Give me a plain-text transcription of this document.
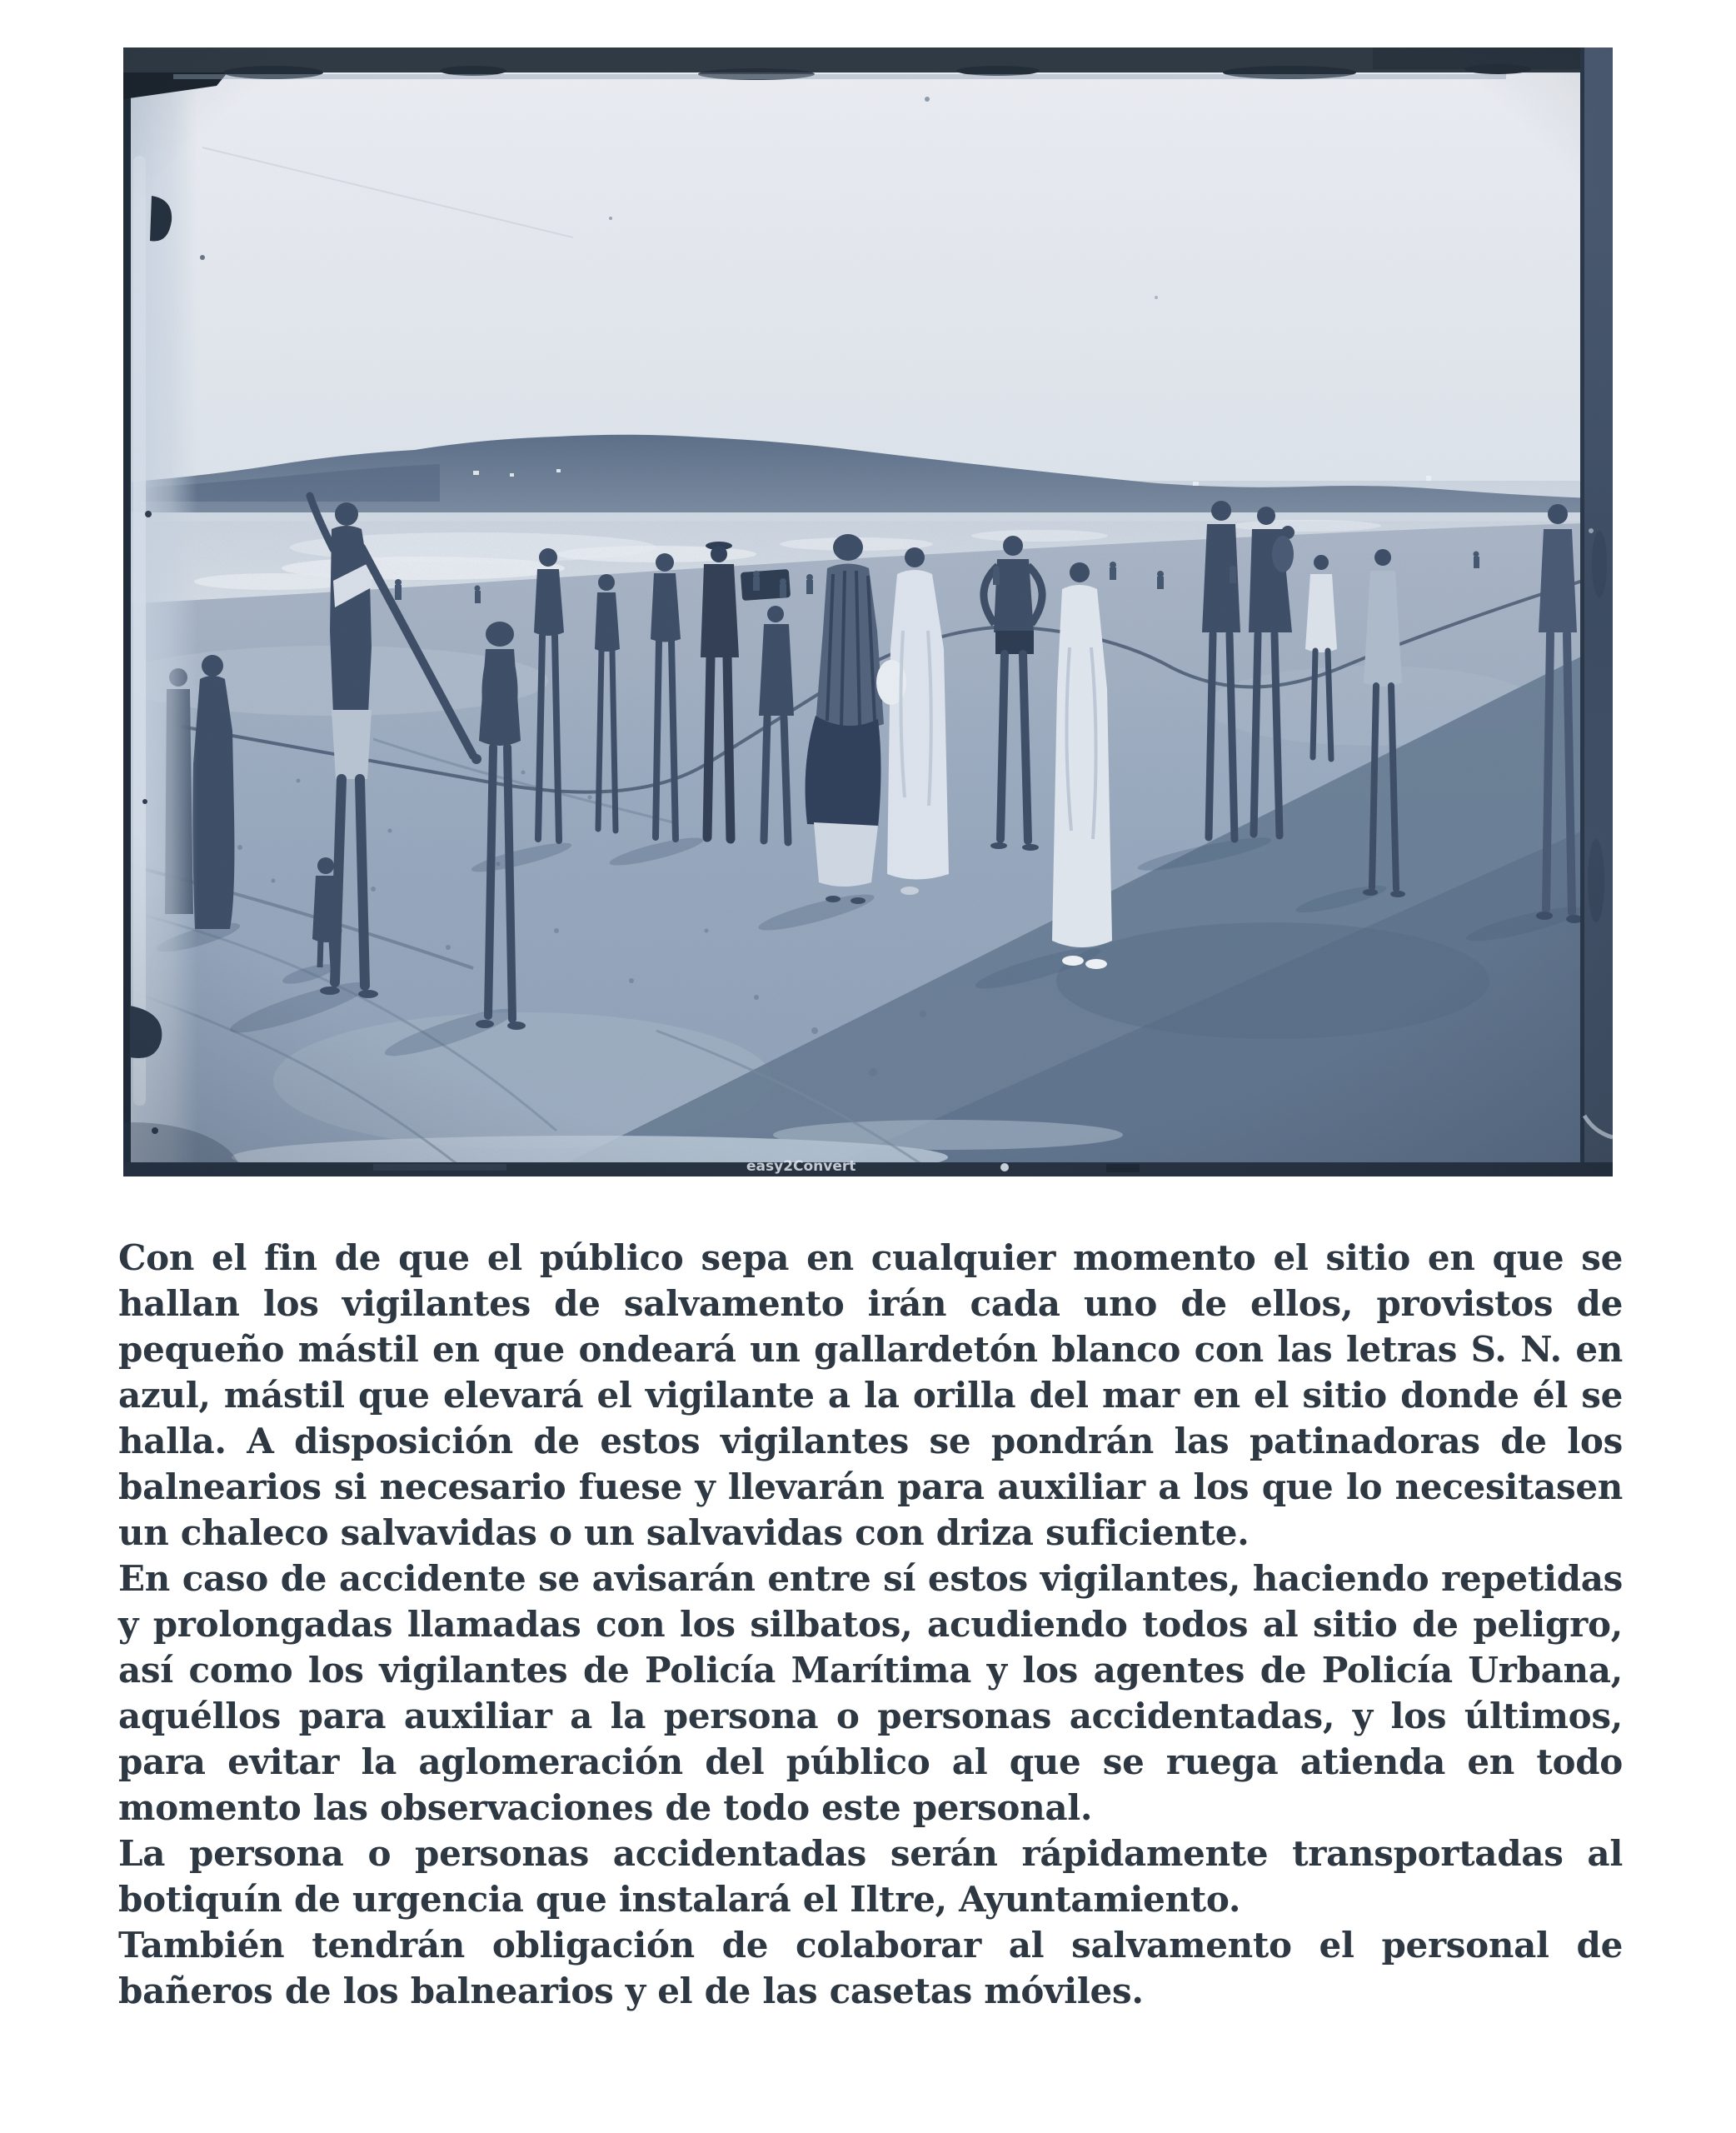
easy2Convert

Con el fin de que el público sepa en cualquier momento el sitio en que se hallan los vigilantes de salvamento irán cada uno de ellos, provistos de pequeño mástil en que ondeará un gallardetón blanco con las letras S. N. en azul, mástil que elevará el vigilante a la orilla del mar en el sitio donde él se halla. A disposición de estos vigilantes se pondrán las patinadoras de los balnearios si necesario fuese y llevarán para auxiliar a los que lo necesitasen un chaleco salvavidas o un salvavidas con driza suficiente.

En caso de accidente se avisarán entre sí estos vigilantes, haciendo repetidas y prolongadas llamadas con los silbatos, acudiendo todos al sitio de peligro, así como los vigilantes de Policía Marítima y los agentes de Policía Urbana, aquéllos para auxiliar a la persona o personas accidentadas, y los últimos, para evitar la aglomeración del público al que se ruega atienda en todo momento las observaciones de todo este personal.

La persona o personas accidentadas serán rápidamente transportadas al botiquín de urgencia que instalará el Iltre, Ayuntamiento.

También tendrán obligación de colaborar al salvamento el personal de bañeros de los balnearios y el de las casetas móviles.
